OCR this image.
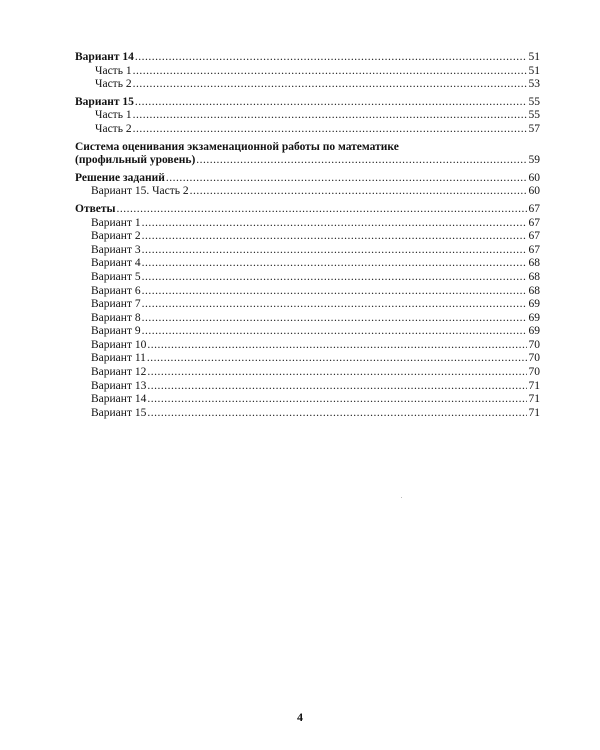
Вариант 14 .....	51
Часть 1 .....	51
Часть 2 .....	53
Вариант 15 .....	55
Часть 1 .....	55
Часть 2 .....	57
Система оценивания экзаменационной работы по математике
(профильный уровень) .....	59
Решение заданий .....	60
Вариант 15. Часть 2 .....	60
Ответы .....	67
Вариант 1 .....	67
Вариант 2 .....	67
Вариант 3 .....	67
Вариант 4 .....	68
Вариант 5 .....	68
Вариант 6 .....	68
Вариант 7 .....	69
Вариант 8 .....	69
Вариант 9 .....	69
Вариант 10 .....	70
Вариант 11 .....	70
Вариант 12 .....	70
Вариант 13 .....	71
Вариант 14 .....	71
Вариант 15 .....	71
4
